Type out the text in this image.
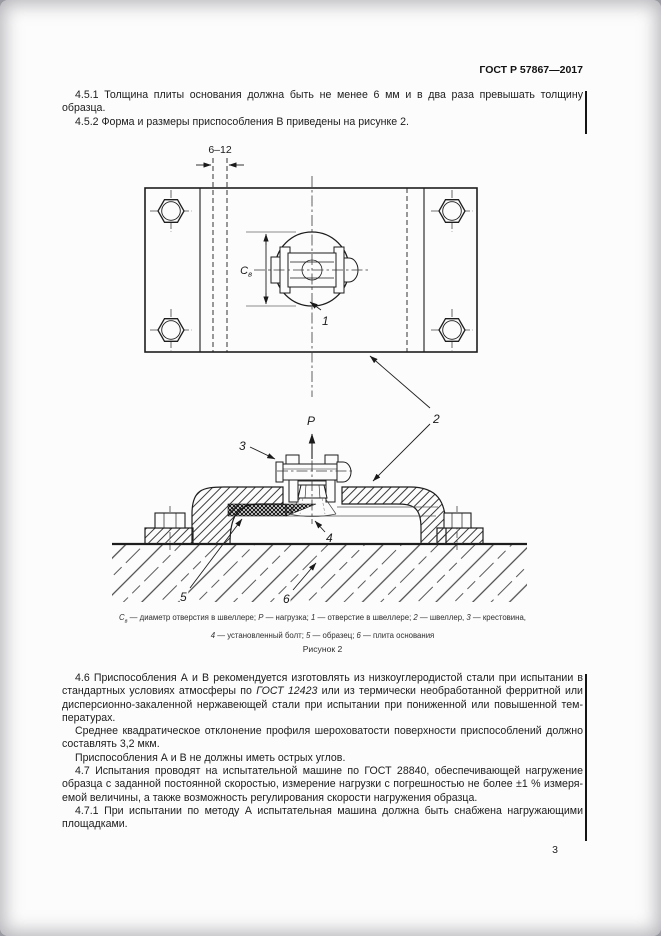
ГОСТ Р 57867—2017

4.5.1 Толщина плиты основания должна быть не менее 6 мм и в два раза превышать толщину образца.

4.5.2 Форма и размеры приспособления В приведены на рисунке 2.

6–12
$С_в$
1
2
P
3
4
5	6
$С_в$ — диаметр отверстия в швеллере; Р — нагрузка; 1 — отверстие в швеллере; 2 — швеллер, 3 — крестовина,
4 — установленный болт; 5 — образец; 6 — плита основания
Рисунок 2

4.6 Приспособления А и В рекомендуется изготовлять из низкоуглеродистой стали при испытании в стандартных условиях атмосферы по ГОСТ 12423 или из термически необработанной ферритной или дисперсионно-закаленной нержавеющей стали при испытании при пониженной или повышенной температурах.

Среднее квадратическое отклонение профиля шероховатости поверхности приспособлений должно составлять 3,2 мкм.

Приспособления А и В не должны иметь острых углов.

4.7 Испытания проводят на испытательной машине по ГОСТ 28840, обеспечивающей нагружение образца с заданной постоянной скоростью, измерение нагрузки с погрешностью не более ±1 % измеряемой величины, а также возможность регулирования скорости нагружения образца.

4.7.1 При испытании по методу А испытательная машина должна быть снабжена нагружающими площадками.

3
